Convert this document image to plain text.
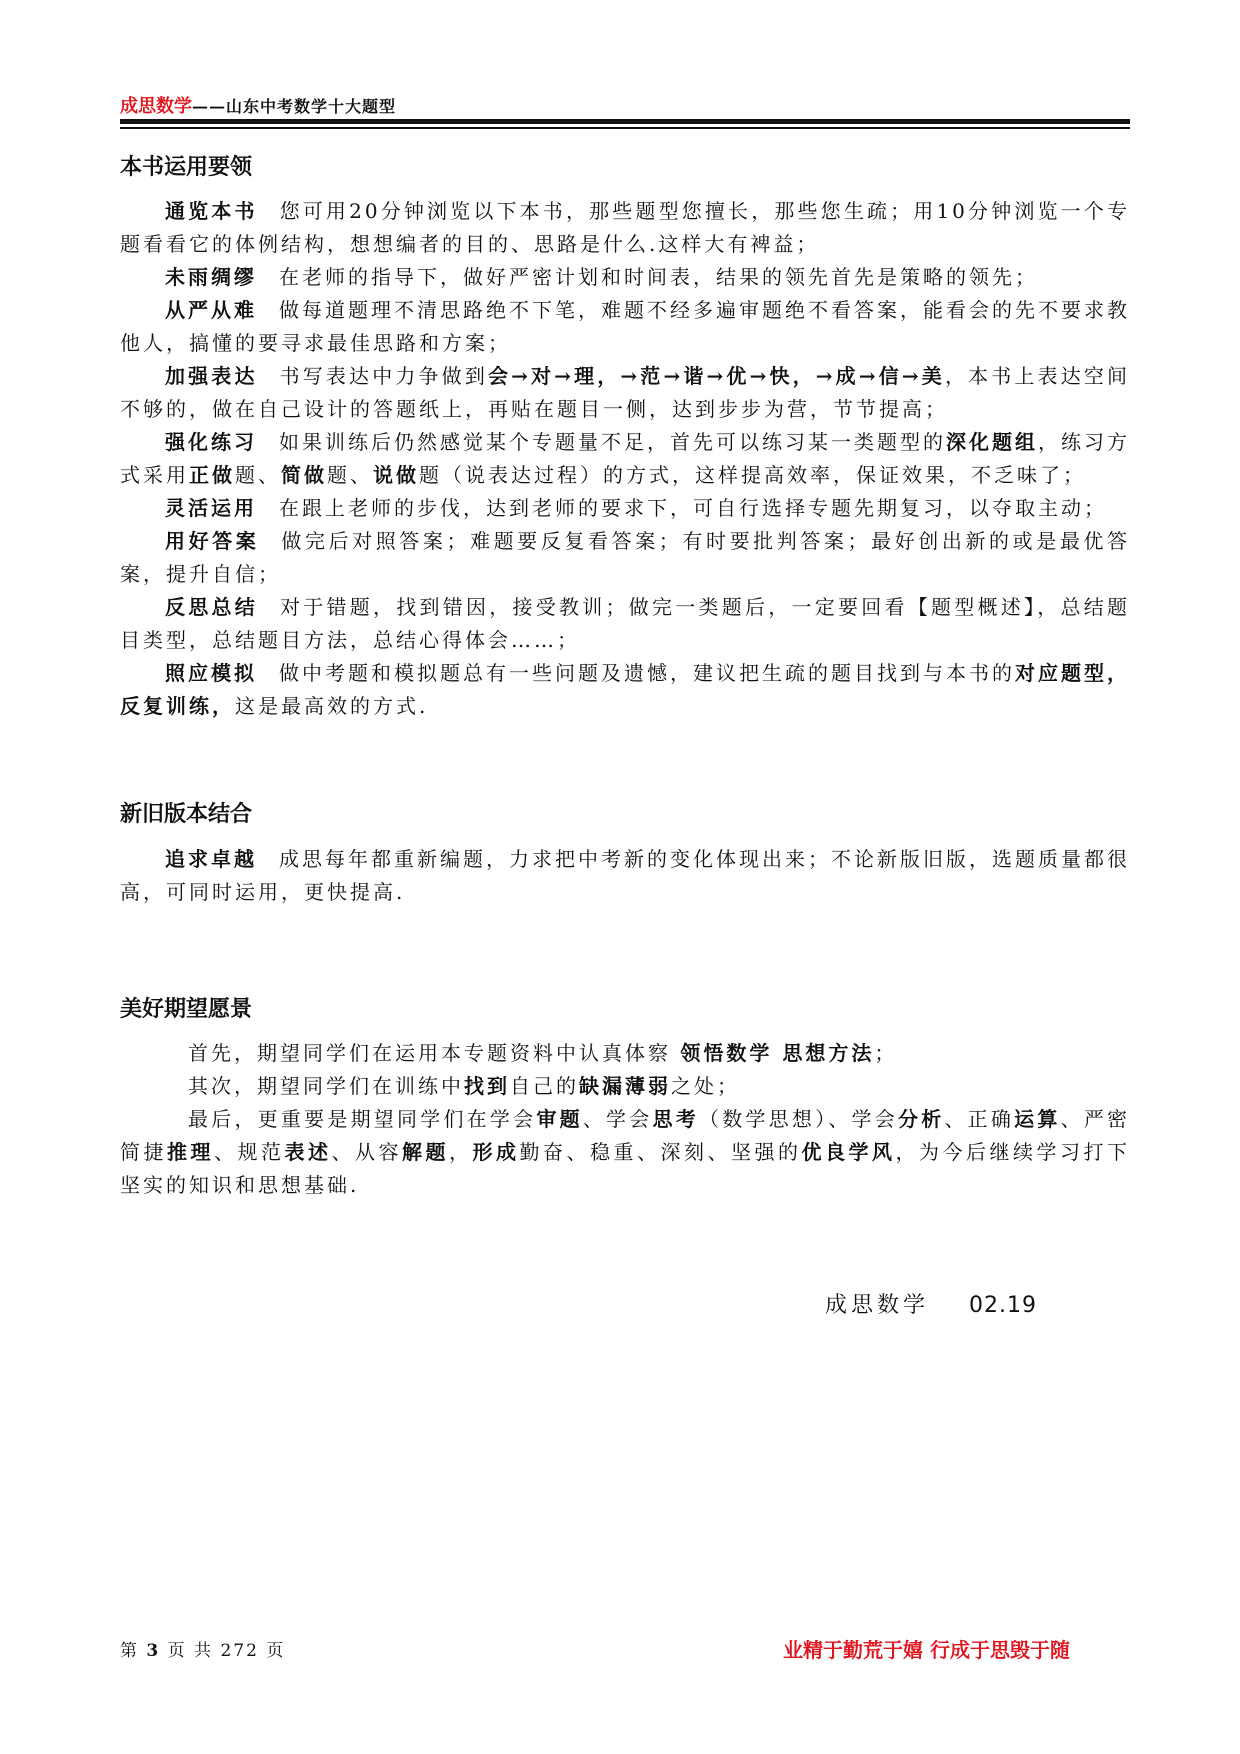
成思数学——山东中考数学十大题型
本书运用要领
通览本书 您可用20分钟浏览以下本书，那些题型您擅长，那些您生疏；用10分钟浏览一个专题看看它的体例结构，想想编者的目的、思路是什么.这样大有裨益；
未雨绸缪 在老师的指导下，做好严密计划和时间表，结果的领先首先是策略的领先；
从严从难 做每道题理不清思路绝不下笔，难题不经多遍审题绝不看答案，能看会的先不要求教他人，搞懂的要寻求最佳思路和方案；
加强表达 书写表达中力争做到会→对→理，→范→谐→优→快，→成→信→美，本书上表达空间不够的，做在自己设计的答题纸上，再贴在题目一侧，达到步步为营，节节提高；
强化练习 如果训练后仍然感觉某个专题量不足，首先可以练习某一类题型的深化题组，练习方式采用正做题、简做题、说做题（说表达过程）的方式，这样提高效率，保证效果，不乏味了；
灵活运用 在跟上老师的步伐，达到老师的要求下，可自行选择专题先期复习，以夺取主动；
用好答案 做完后对照答案；难题要反复看答案；有时要批判答案；最好创出新的或是最优答案，提升自信；
反思总结 对于错题，找到错因，接受教训；做完一类题后，一定要回看【题型概述】，总结题目类型，总结题目方法，总结心得体会……；
照应模拟 做中考题和模拟题总有一些问题及遗憾，建议把生疏的题目找到与本书的对应题型，反复训练，这是最高效的方式.
新旧版本结合
追求卓越 成思每年都重新编题，力求把中考新的变化体现出来；不论新版旧版，选题质量都很高，可同时运用，更快提高.
美好期望愿景
首先，期望同学们在运用本专题资料中认真体察 领悟数学 思想方法；
其次，期望同学们在训练中找到自己的缺漏薄弱之处；
最后，更重要是期望同学们在学会审题、学会思考（数学思想）、学会分析、正确运算、严密简捷推理、规范表述、从容解题，形成勤奋、稳重、深刻、坚强的优良学风，为今后继续学习打下坚实的知识和思想基础.
成思数学 02.19
第 3 页 共 272 页	业精于勤荒于嬉 行成于思毁于随
